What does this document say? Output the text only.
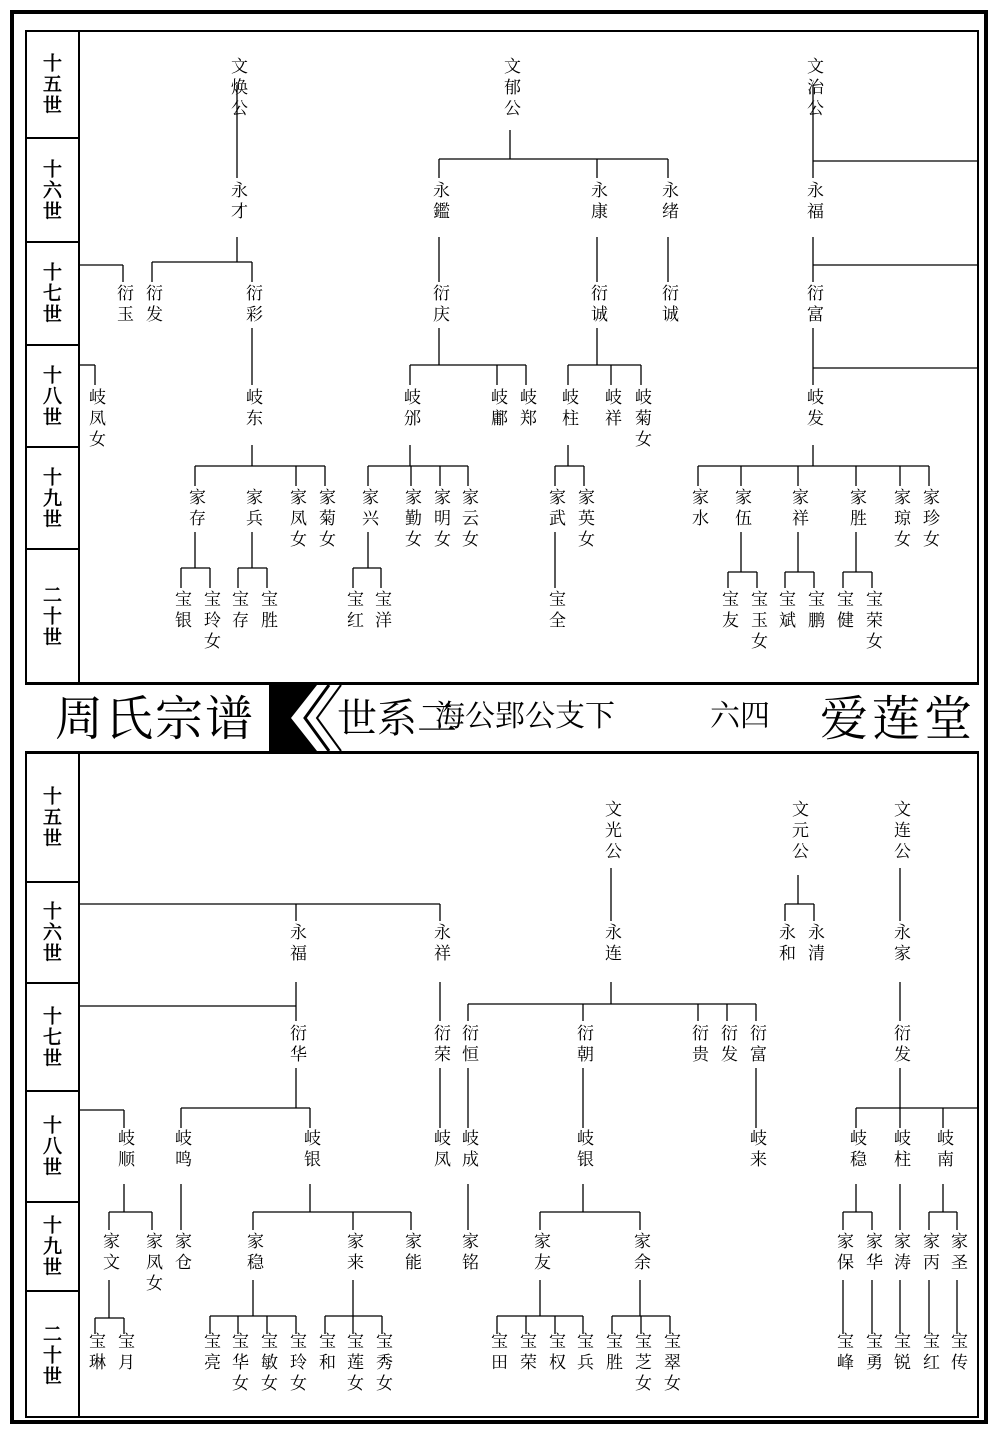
十五世
十六世
十七世
十八世
十九世
二十世
文焕公	文郁公	文治公
永才	永鑑	永康	永绪	永福
衍玉 衍发	衍彩	衍庆	衍诚	衍诚	衍富
岐凤女	岐东	岐邠	岐鄘 岐郑 岐柱 岐祥 岐菊女	岐发
家存 家兵 家凤女 家菊女 家兴 家勤女 家明女 家云女	家武 家英女	家水 家伍 家祥 家胜 家琼女 家珍女
宝银 宝玲女 宝存 宝胜	宝红 宝洋	宝全	宝友 宝玉女 宝斌 宝鹏 宝健 宝荣女
周氏宗谱 世系二
海公郢公支下	六四 爱莲堂
十五世
十六世
十七世
十八世
十九世
二十世
文光公	文元公	文连公
永福	永祥	永连	永和 永清	永家
衍华	衍荣 衍恒	衍朝	衍贵 衍发 衍富	衍发
岐顺 岐鸣	岐银	岐凤 岐成	岐银	岐来	岐稳 岐柱 岐南
家文 家凤女 家仓	家稳	家来 家能 家铭	家友	家余	家保 家华 家涛 家丙 家圣
宝琳 宝月	宝亮 宝华女 宝敏女 宝玲女 宝和 宝莲女 宝秀女	宝田 宝荣 宝权 宝兵 宝胜 宝芝女 宝翠女	宝峰 宝勇 宝锐 宝红 宝传
